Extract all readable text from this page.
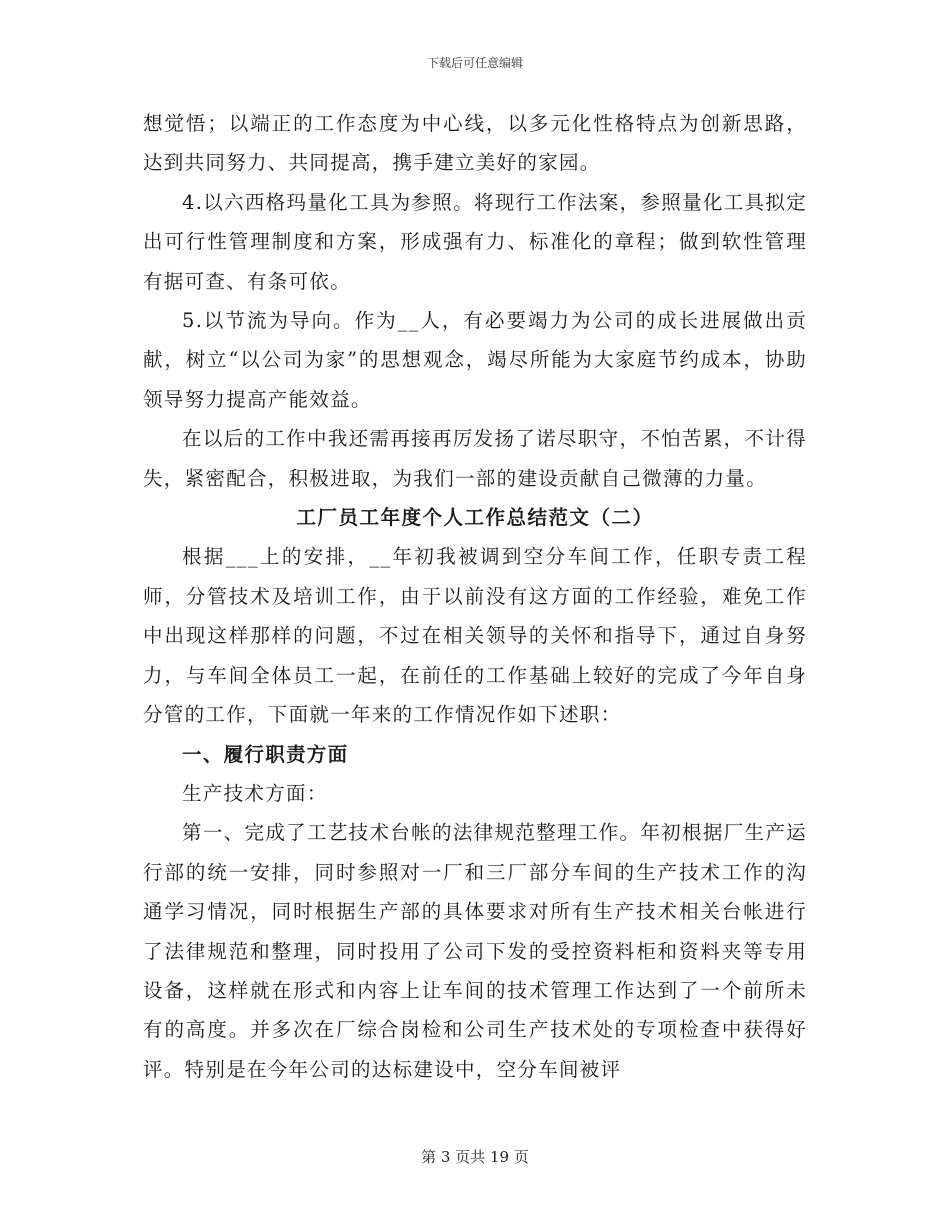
下载后可任意编辑

想觉悟；以端正的工作态度为中心线，以多元化性格特点为创新思路，达到共同努力、共同提高，携手建立美好的家园。

4.以六西格玛量化工具为参照。将现行工作法案，参照量化工具拟定出可行性管理制度和方案，形成强有力、标准化的章程；做到软性管理有据可查、有条可依。

5.以节流为导向。作为__人，有必要竭力为公司的成长进展做出贡献，树立“以公司为家”的思想观念，竭尽所能为大家庭节约成本，协助领导努力提高产能效益。

在以后的工作中我还需再接再厉发扬了诺尽职守，不怕苦累，不计得失，紧密配合，积极进取，为我们一部的建设贡献自己微薄的力量。

工厂员工年度个人工作总结范文（二）

根据___上的安排，__年初我被调到空分车间工作，任职专责工程师，分管技术及培训工作，由于以前没有这方面的工作经验，难免工作中出现这样那样的问题，不过在相关领导的关怀和指导下，通过自身努力，与车间全体员工一起，在前任的工作基础上较好的完成了今年自身分管的工作，下面就一年来的工作情况作如下述职：

一、履行职责方面

生产技术方面：

第一、完成了工艺技术台帐的法律规范整理工作。年初根据厂生产运行部的统一安排，同时参照对一厂和三厂部分车间的生产技术工作的沟通学习情况，同时根据生产部的具体要求对所有生产技术相关台帐进行了法律规范和整理，同时投用了公司下发的受控资料柜和资料夹等专用设备，这样就在形式和内容上让车间的技术管理工作达到了一个前所未有的高度。并多次在厂综合岗检和公司生产技术处的专项检查中获得好评。特别是在今年公司的达标建设中，空分车间被评

第 3 页共 19 页
